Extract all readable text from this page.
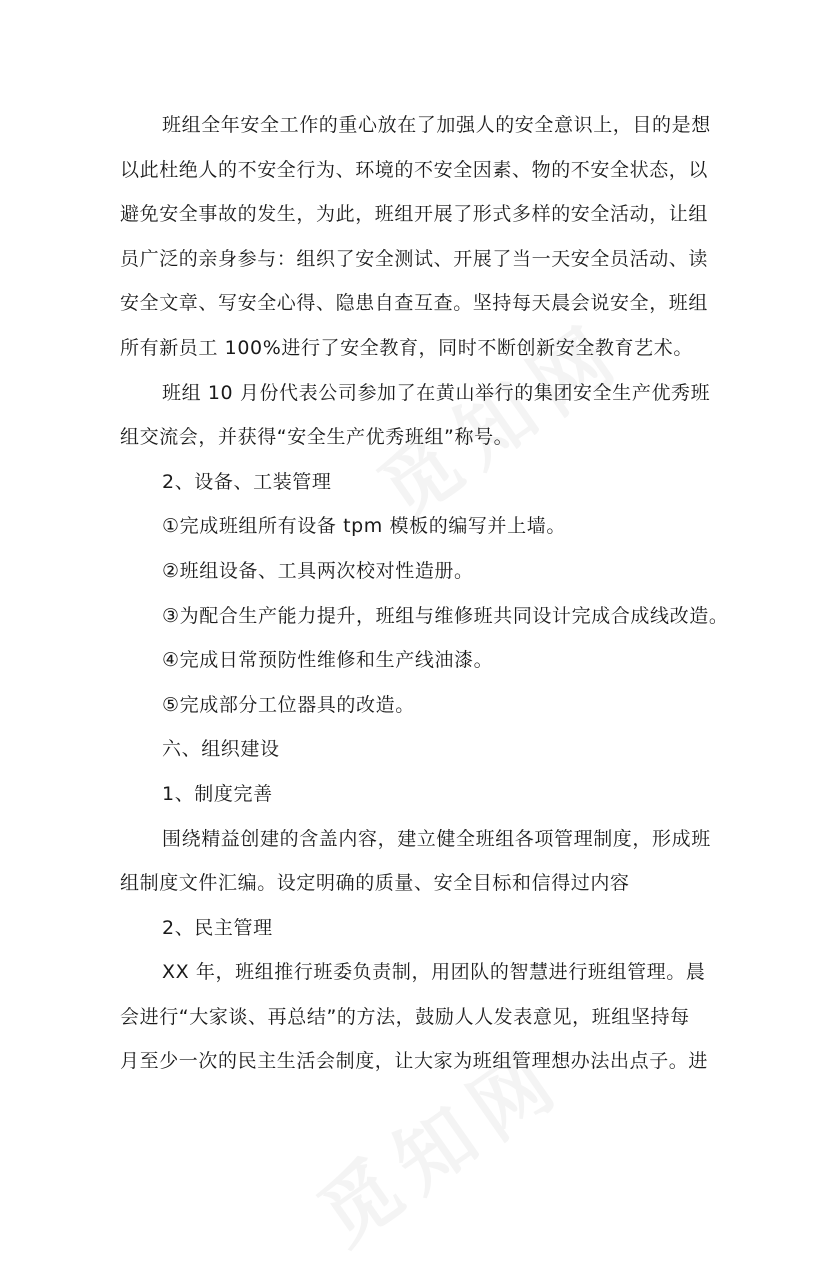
班组全年安全工作的重心放在了加强人的安全意识上，目的是想
以此杜绝人的不安全行为、环境的不安全因素、物的不安全状态，以
避免安全事故的发生，为此，班组开展了形式多样的安全活动，让组
员广泛的亲身参与：组织了安全测试、开展了当一天安全员活动、读
安全文章、写安全心得、隐患自查互查。坚持每天晨会说安全，班组
所有新员工 100%进行了安全教育，同时不断创新安全教育艺术。
班组 10 月份代表公司参加了在黄山举行的集团安全生产优秀班
组交流会，并获得“安全生产优秀班组”称号。
2、设备、工装管理
①完成班组所有设备 tpm 模板的编写并上墙。
②班组设备、工具两次校对性造册。
③为配合生产能力提升，班组与维修班共同设计完成合成线改造。
④完成日常预防性维修和生产线油漆。
⑤完成部分工位器具的改造。
六、组织建设
1、制度完善
围绕精益创建的含盖内容，建立健全班组各项管理制度，形成班
组制度文件汇编。设定明确的质量、安全目标和信得过内容
2、民主管理
XX 年，班组推行班委负责制，用团队的智慧进行班组管理。晨
会进行“大家谈、再总结”的方法，鼓励人人发表意见，班组坚持每
月至少一次的民主生活会制度，让大家为班组管理想办法出点子。进
